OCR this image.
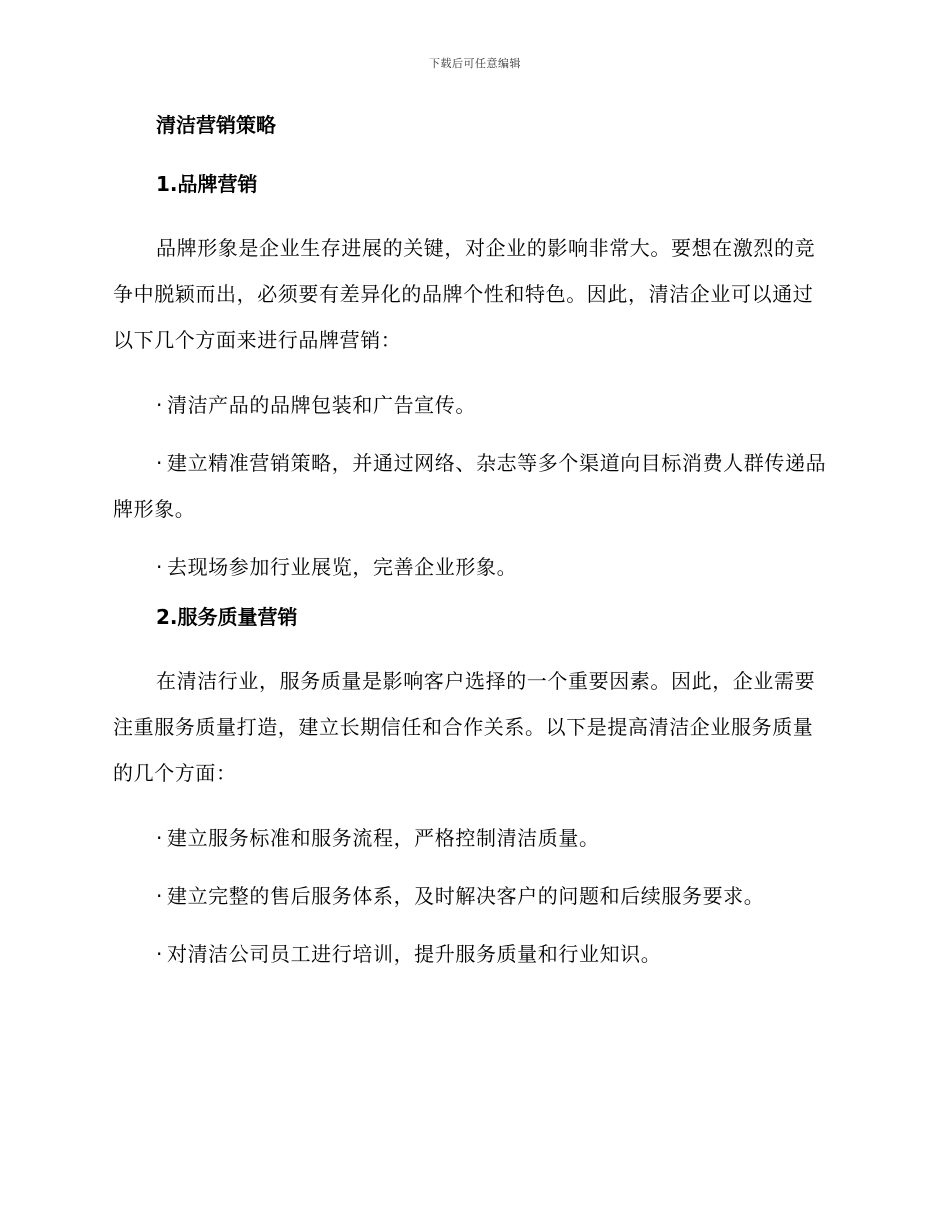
下载后可任意编辑
清洁营销策略
1.品牌营销

品牌形象是企业生存进展的关键，对企业的影响非常大。要想在激烈的竞争中脱颖而出，必须要有差异化的品牌个性和特色。因此，清洁企业可以通过以下几个方面来进行品牌营销：

· 清洁产品的品牌包装和广告宣传。

· 建立精准营销策略，并通过网络、杂志等多个渠道向目标消费人群传递品牌形象。

· 去现场参加行业展览，完善企业形象。

2.服务质量营销

在清洁行业，服务质量是影响客户选择的一个重要因素。因此，企业需要注重服务质量打造，建立长期信任和合作关系。以下是提高清洁企业服务质量的几个方面：

· 建立服务标准和服务流程，严格控制清洁质量。

· 建立完整的售后服务体系，及时解决客户的问题和后续服务要求。

· 对清洁公司员工进行培训，提升服务质量和行业知识。
